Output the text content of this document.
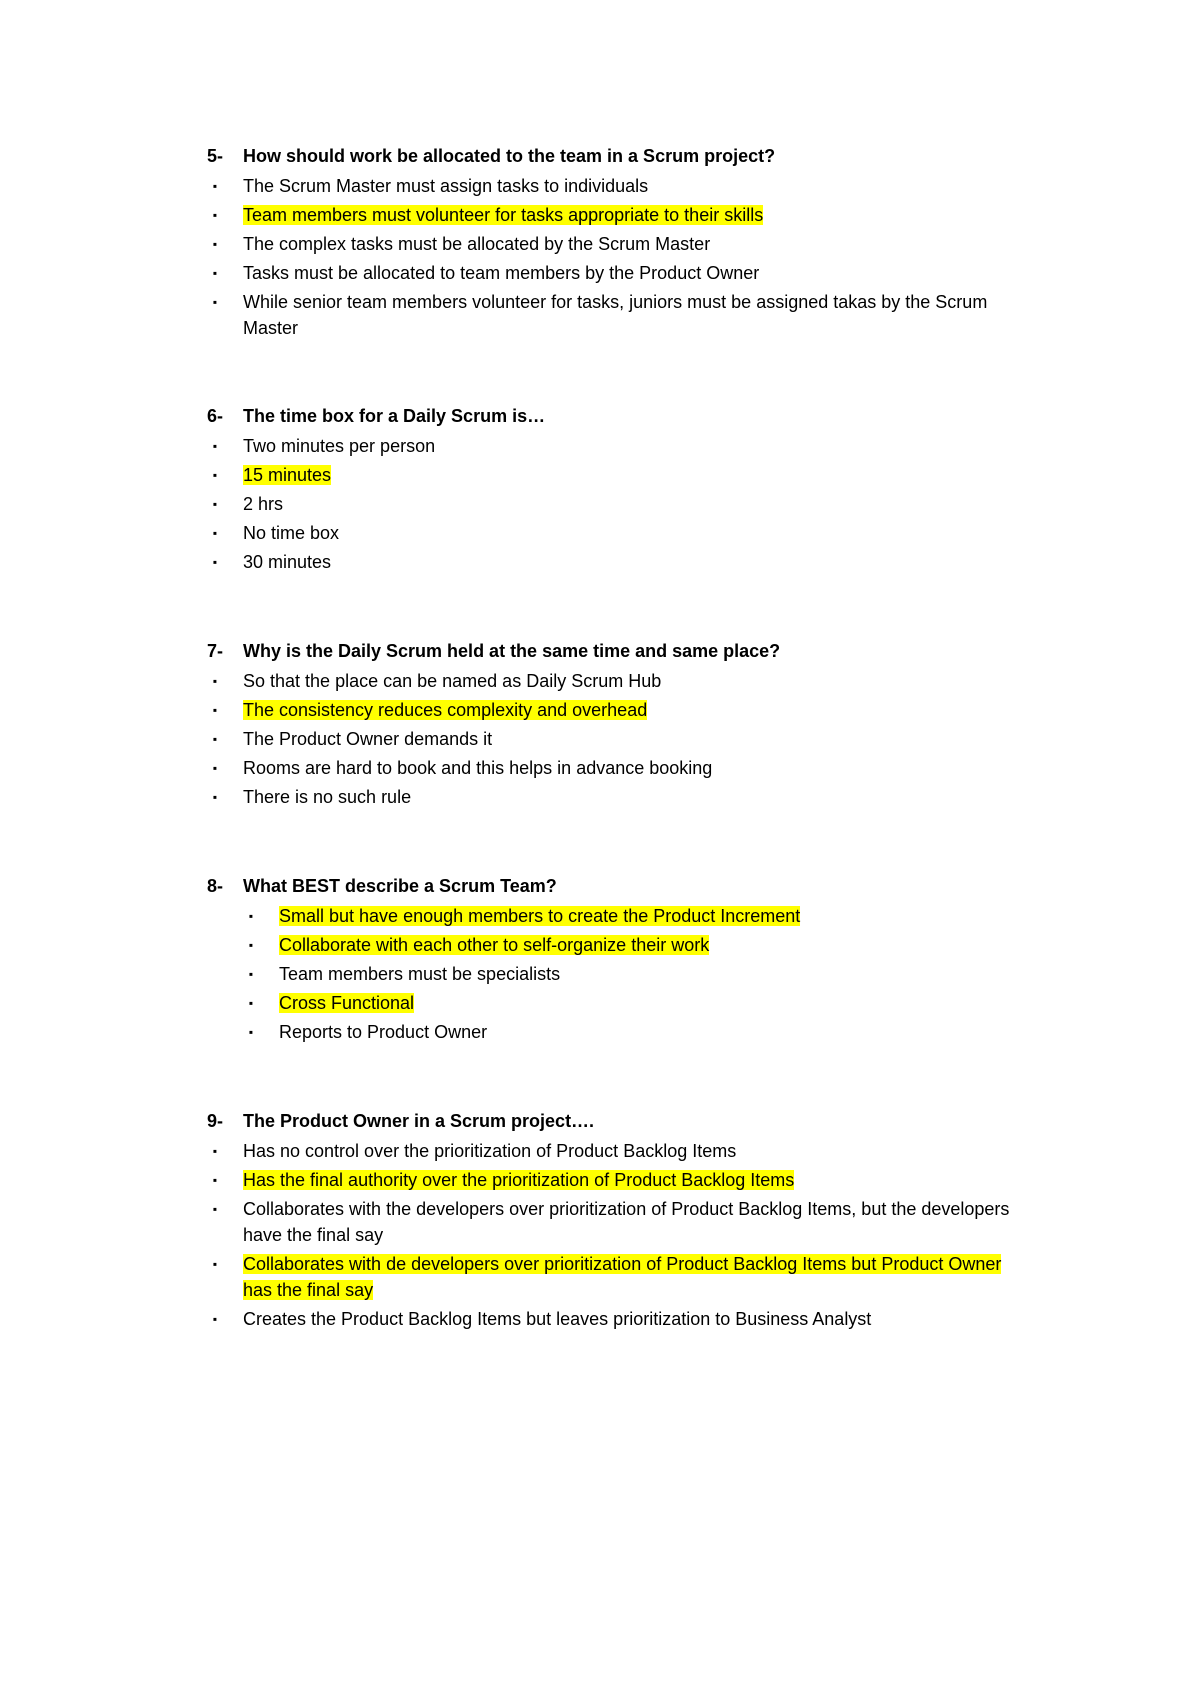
5- How should work be allocated to the team in a Scrum project?
▪ The Scrum Master must assign tasks to individuals
▪ Team members must volunteer for tasks appropriate to their skills
▪ The complex tasks must be allocated by the Scrum Master
▪ Tasks must be allocated to team members by the Product Owner
▪ While senior team members volunteer for tasks, juniors must be assigned takas by the Scrum Master
6- The time box for a Daily Scrum is…
▪ Two minutes per person
▪ 15 minutes
▪ 2 hrs
▪ No time box
▪ 30 minutes
7- Why is the Daily Scrum held at the same time and same place?
▪ So that the place can be named as Daily Scrum Hub
▪ The consistency reduces complexity and overhead
▪ The Product Owner demands it
▪ Rooms are hard to book and this helps in advance booking
▪ There is no such rule
8- What BEST describe a Scrum Team?
▪ Small but have enough members to create the Product Increment
▪ Collaborate with each other to self-organize their work
▪ Team members must be specialists
▪ Cross Functional
▪ Reports to Product Owner
9- The Product Owner in a Scrum project….
▪ Has no control over the prioritization of Product Backlog Items
▪ Has the final authority over the prioritization of Product Backlog Items
▪ Collaborates with the developers over prioritization of Product Backlog Items, but the developers have the final say
▪ Collaborates with de developers over prioritization of Product Backlog Items but Product Owner has the final say
▪ Creates the Product Backlog Items but leaves prioritization to Business Analyst
